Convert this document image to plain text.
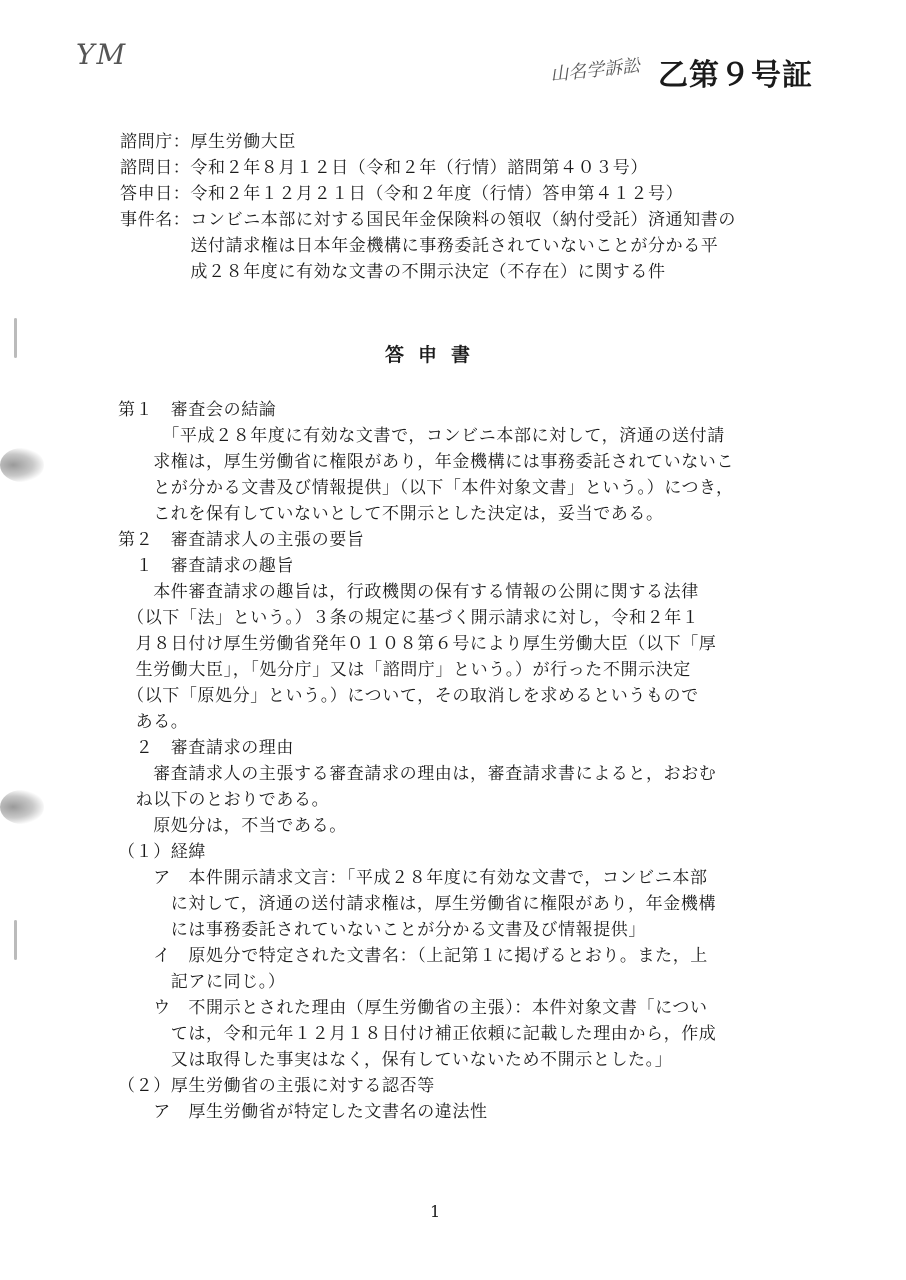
YM	山名学訴訟 乙第９号証
諮問庁：厚生労働大臣
諮問日：令和２年８月１２日（令和２年（行情）諮問第４０３号）
答申日：令和２年１２月２１日（令和２年度（行情）答申第４１２号）
事件名：コンビニ本部に対する国民年金保険料の領収（納付受託）済通知書の
　　　　送付請求権は日本年金機構に事務委託されていないことが分かる平
　　　　成２８年度に有効な文書の不開示決定（不存在）に関する件
答申書
第１　審査会の結論
　　　「平成２８年度に有効な文書で，コンビニ本部に対して，済通の送付請
　　求権は，厚生労働省に権限があり，年金機構には事務委託されていないこ
　　とが分かる文書及び情報提供」（以下「本件対象文書」という。）につき，
　　これを保有していないとして不開示とした決定は，妥当である。
第２　審査請求人の主張の要旨
　１　審査請求の趣旨
　　本件審査請求の趣旨は，行政機関の保有する情報の公開に関する法律
　（以下「法」という。）３条の規定に基づく開示請求に対し，令和２年１
　月８日付け厚生労働省発年０１０８第６号により厚生労働大臣（以下「厚
　生労働大臣」，「処分庁」又は「諮問庁」という。）が行った不開示決定
　（以下「原処分」という。）について，その取消しを求めるというもので
　ある。
　２　審査請求の理由
　　審査請求人の主張する審査請求の理由は，審査請求書によると，おおむ
　ね以下のとおりである。
　　原処分は，不当である。
（１）経緯
　　ア　本件開示請求文言：「平成２８年度に有効な文書で，コンビニ本部
　　　に対して，済通の送付請求権は，厚生労働省に権限があり，年金機構
　　　には事務委託されていないことが分かる文書及び情報提供」
　　イ　原処分で特定された文書名：（上記第１に掲げるとおり。また，上
　　　記アに同じ。）
　　ウ　不開示とされた理由（厚生労働省の主張）：本件対象文書「につい
　　　ては，令和元年１２月１８日付け補正依頼に記載した理由から，作成
　　　又は取得した事実はなく，保有していないため不開示とした。」
（２）厚生労働省の主張に対する認否等
　　ア　厚生労働省が特定した文書名の違法性
1
